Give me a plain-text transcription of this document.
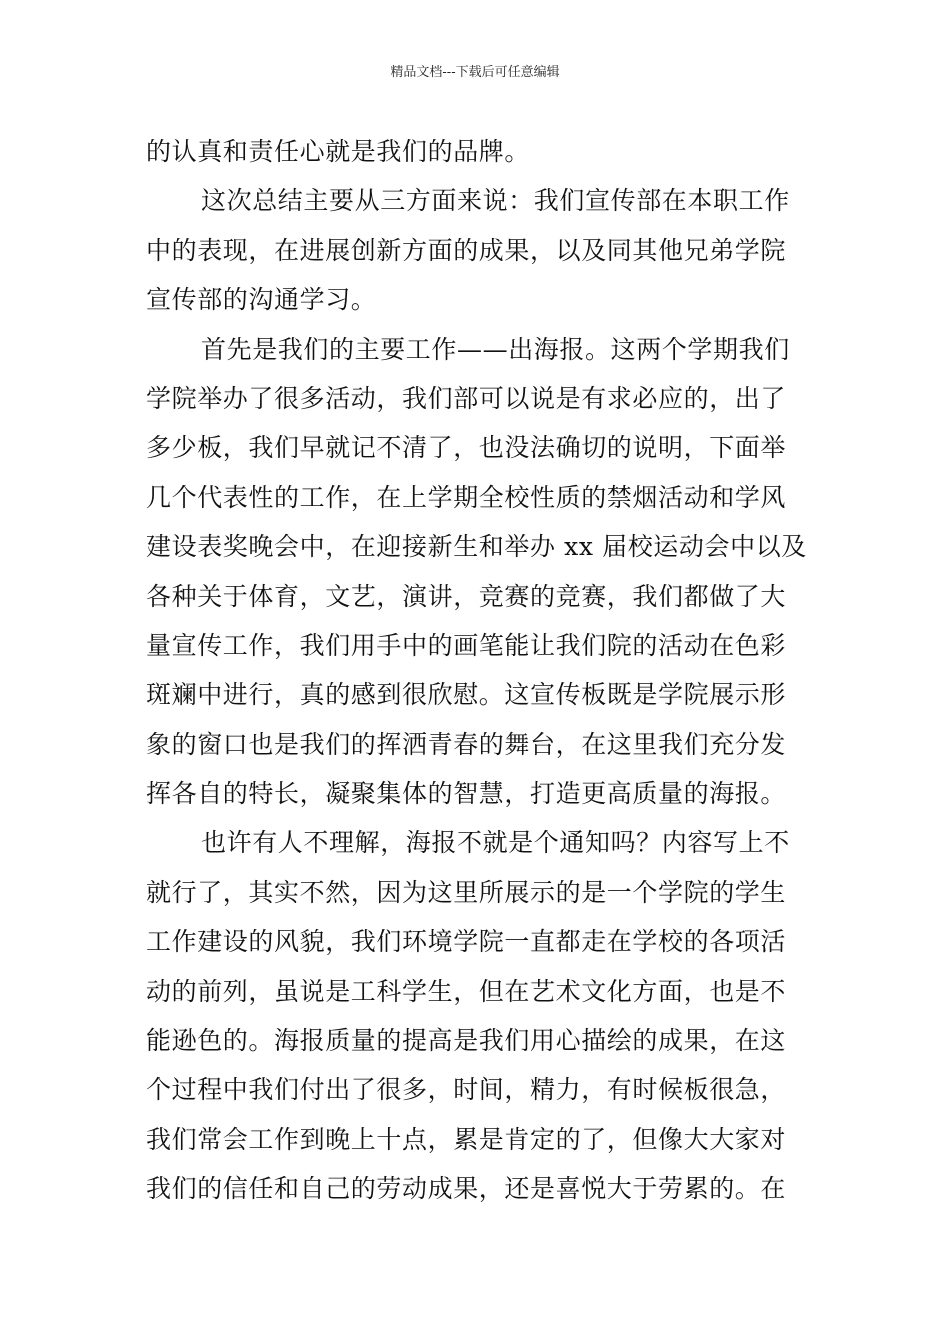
精品文档---下载后可任意编辑
的认真和责任心就是我们的品牌。
这次总结主要从三方面来说：我们宣传部在本职工作
中的表现，在进展创新方面的成果，以及同其他兄弟学院
宣传部的沟通学习。
首先是我们的主要工作——出海报。这两个学期我们
学院举办了很多活动，我们部可以说是有求必应的，出了
多少板，我们早就记不清了，也没法确切的说明，下面举
几个代表性的工作，在上学期全校性质的禁烟活动和学风
建设表奖晚会中，在迎接新生和举办 xx 届校运动会中以及
各种关于体育，文艺，演讲，竞赛的竞赛，我们都做了大
量宣传工作，我们用手中的画笔能让我们院的活动在色彩
斑斓中进行，真的感到很欣慰。这宣传板既是学院展示形
象的窗口也是我们的挥洒青春的舞台，在这里我们充分发
挥各自的特长，凝聚集体的智慧，打造更高质量的海报。
也许有人不理解，海报不就是个通知吗？内容写上不
就行了，其实不然，因为这里所展示的是一个学院的学生
工作建设的风貌，我们环境学院一直都走在学校的各项活
动的前列，虽说是工科学生，但在艺术文化方面，也是不
能逊色的。海报质量的提高是我们用心描绘的成果，在这
个过程中我们付出了很多，时间，精力，有时候板很急，
我们常会工作到晚上十点，累是肯定的了，但像大大家对
我们的信任和自己的劳动成果，还是喜悦大于劳累的。在
